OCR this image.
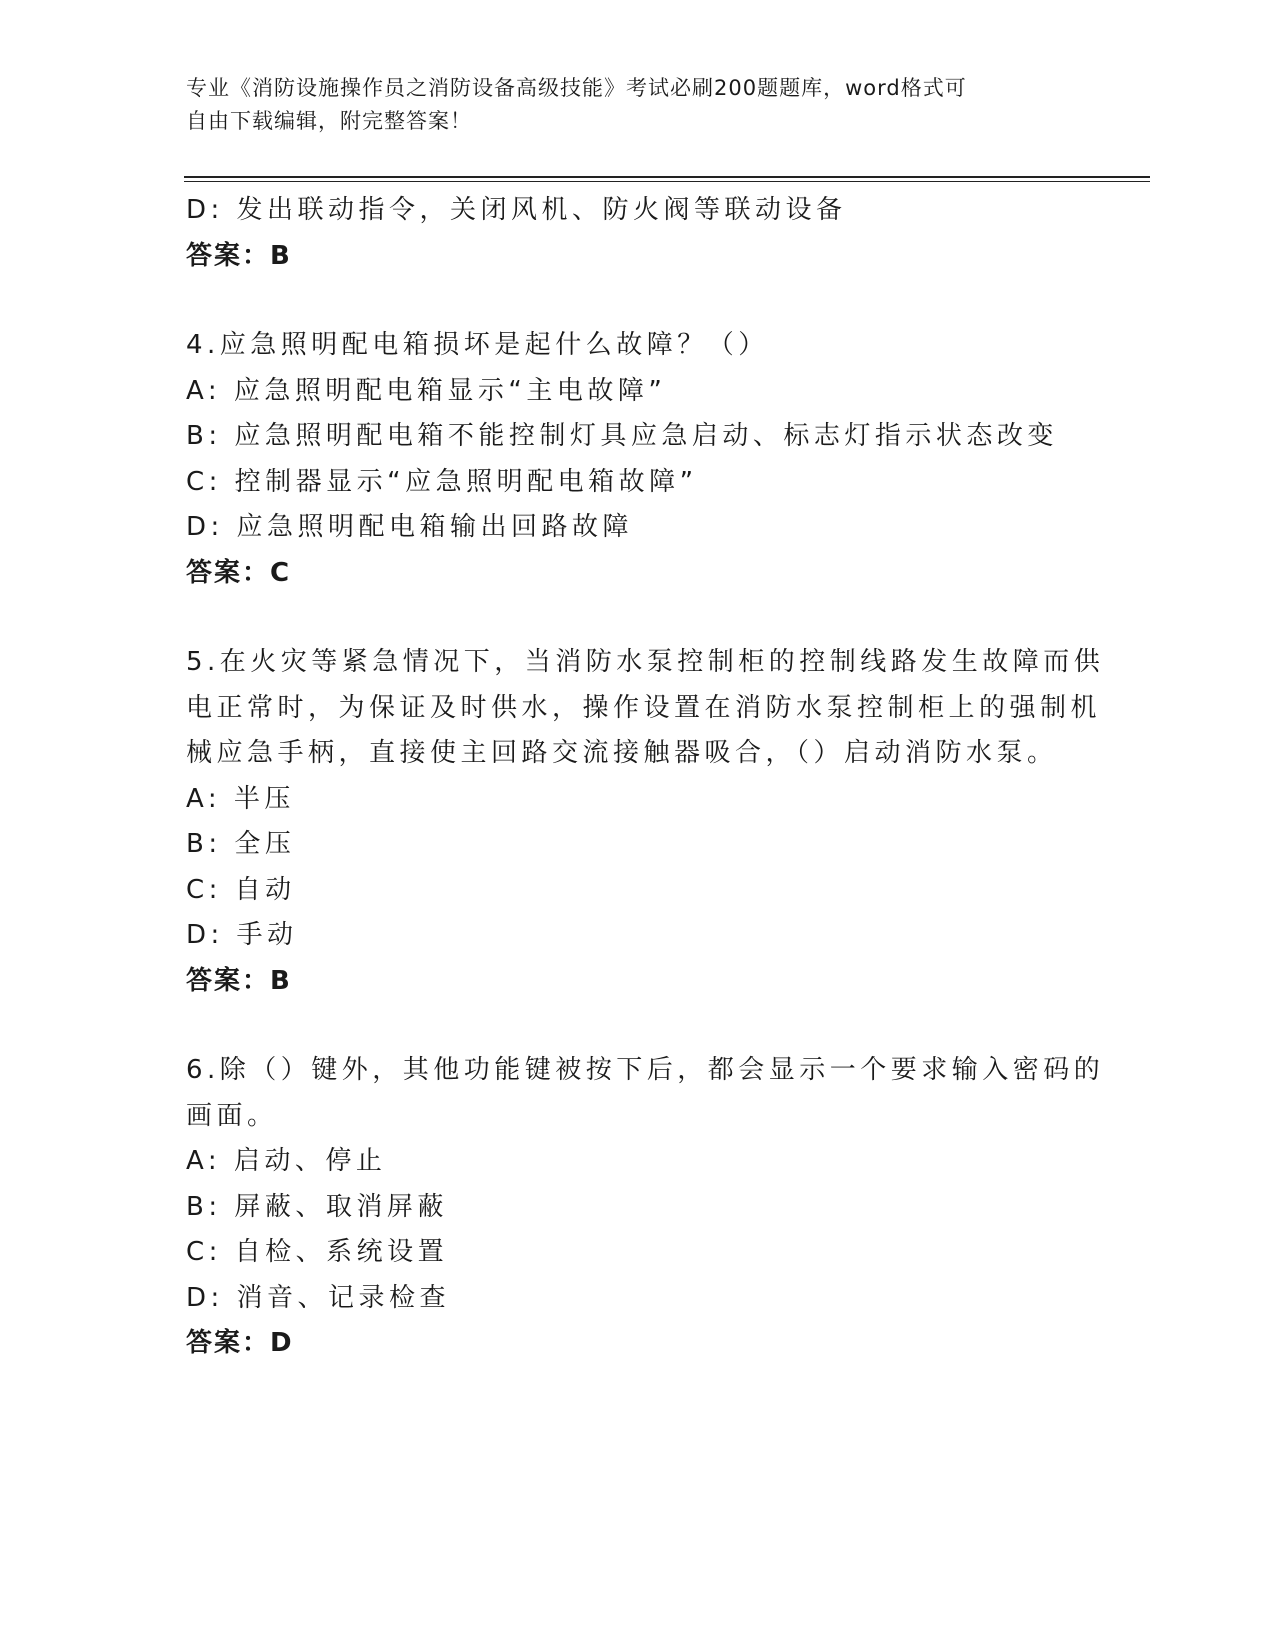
专业《消防设施操作员之消防设备高级技能》考试必刷200题题库，word格式可
自由下载编辑，附完整答案！
D: 发出联动指令，关闭风机、防火阀等联动设备
答案：B
4.应急照明配电箱损坏是起什么故障？（）
A: 应急照明配电箱显示“主电故障”
B: 应急照明配电箱不能控制灯具应急启动、标志灯指示状态改变
C: 控制器显示“应急照明配电箱故障”
D: 应急照明配电箱输出回路故障
答案：C
5.在火灾等紧急情况下，当消防水泵控制柜的控制线路发生故障而供
电正常时，为保证及时供水，操作设置在消防水泵控制柜上的强制机
械应急手柄，直接使主回路交流接触器吸合，（）启动消防水泵。
A: 半压
B: 全压
C: 自动
D: 手动
答案：B
6.除（）键外，其他功能键被按下后，都会显示一个要求输入密码的
画面。
A: 启动、停止
B: 屏蔽、取消屏蔽
C: 自检、系统设置
D: 消音、记录检查
答案：D
